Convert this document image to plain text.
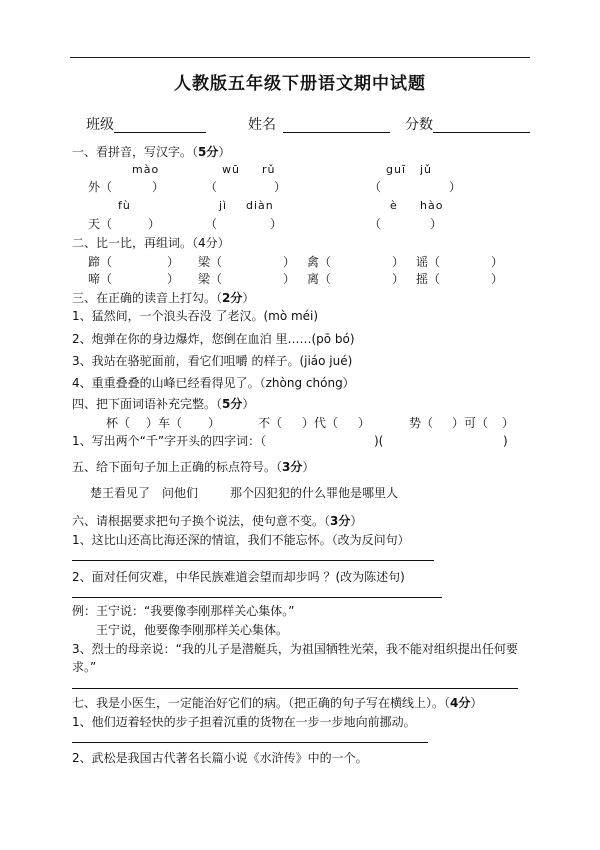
人教版五年级下册语文期中试题
班级	姓名	分数
一、看拼音，写汉字。（5分）
mào	wū rǔ	guī jǔ
外（	）	（	）	（	）
fù	jì diàn	è hào
天（	）	（	）	（	）
二、比一比，再组词。（4分）
蹄（	） 梁（	） 禽（	） 谣（	）
啼（	） 梁（	） 离（	） 摇（	）
三、在正确的读音上打勾。（2分）
1、猛然间，一个浪头吞没 了老汉。(mò méi)
2、炮弹在你的身边爆炸，您倒在血泊 里……(pō bó)
3、我站在骆驼面前，看它们咀嚼 的样子。(jiáo jué)
4、重重叠叠的山峰已经看得见了。（zhòng chóng）
四、把下面词语补充完整。（5分）
杯（ ）车（ ）	不（ ）代（ ）	势（ ）可（ ）
1、写出两个“千”字开头的四字词：（	)(	)
五、给下面句子加上正确的标点符号。（3分）
楚王看见了 问他们	那个囚犯犯的什么罪 他是哪里人
六、请根据要求把句子换个说法，使句意不变。（3分）
1、这比山还高比海还深的情谊，我们不能忘怀。（改为反问句）
2、面对任何灾难，中华民族难道会望而却步吗 ？(改为陈述句)
例：王宁说：“我要像李刚那样关心集体。”
王宁说，他要像李刚那样关心集体。
3、烈士的母亲说：“我的儿子是潜艇兵，为祖国牺牲光荣，我不能对组织提出任何要
求。”
七、我是小医生，一定能治好它们的病。（把正确的句子写在横线上）。（4分）
1、他们迈着轻快的步子担着沉重的货物在一步一步地向前挪动。
2、武松是我国古代著名长篇小说《水浒传》中的一个。
